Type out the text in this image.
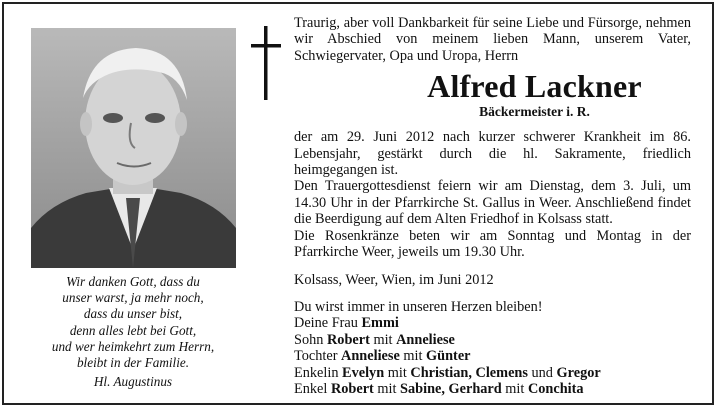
Wir danken Gott, dass du
unser warst, ja mehr noch,
dass du unser bist,
denn alles lebt bei Gott,
und wer heimkehrt zum Herrn,
bleibt in der Familie.
Hl. Augustinus
Traurig, aber voll Dankbarkeit für seine Liebe und Fürsorge, nehmen wir Abschied von meinem lieben Mann, unserem Vater, Schwiegervater, Opa und Uropa, Herrn
Alfred Lackner
Bäckermeister i. R.
der am 29. Juni 2012 nach kurzer schwerer Krankheit im 86. Lebensjahr, gestärkt durch die hl. Sakramente, friedlich heimgegangen ist.
Den Trauergottesdienst feiern wir am Dienstag, dem 3. Juli, um 14.30 Uhr in der Pfarrkirche St. Gallus in Weer. Anschließend findet die Beerdigung auf dem Alten Friedhof in Kolsass statt.
Die Rosenkränze beten wir am Sonntag und Montag in der Pfarrkirche Weer, jeweils um 19.30 Uhr.
Kolsass, Weer, Wien, im Juni 2012
Du wirst immer in unseren Herzen bleiben!
Deine Frau Emmi
Sohn Robert mit Anneliese
Tochter Anneliese mit Günter
Enkelin Evelyn mit Christian, Clemens und Gregor
Enkel Robert mit Sabine, Gerhard mit Conchita
